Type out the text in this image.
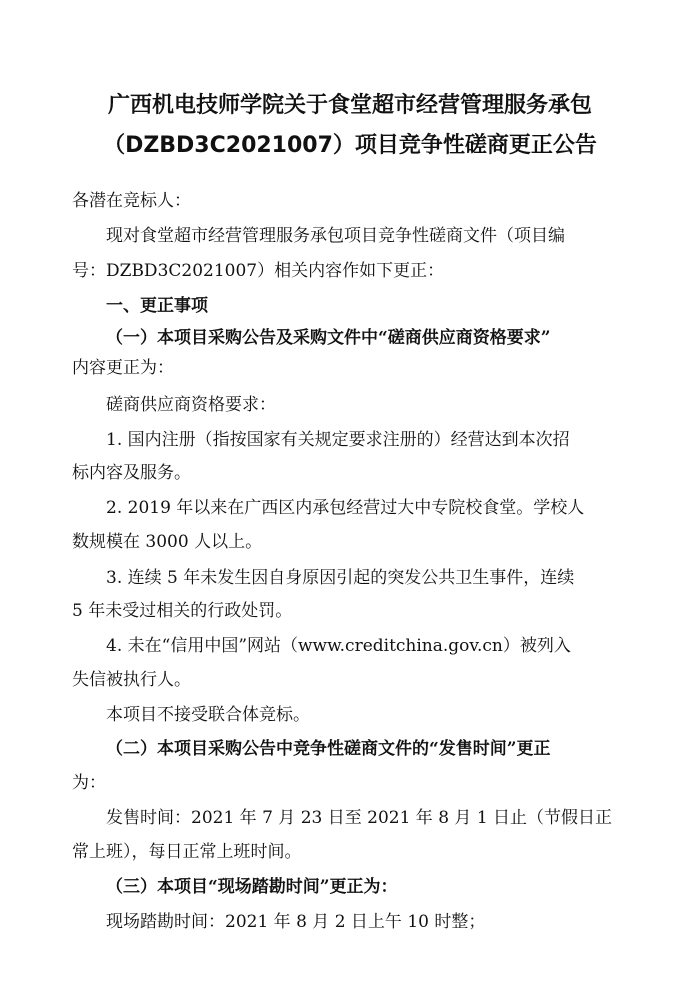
广西机电技师学院关于食堂超市经营管理服务承包
（DZBD3C2021007）项目竞争性磋商更正公告
各潜在竞标人：
现对食堂超市经营管理服务承包项目竞争性磋商文件（项目编
号：DZBD3C2021007）相关内容作如下更正：
一、更正事项
（一）本项目采购公告及采购文件中“磋商供应商资格要求”
内容更正为：
磋商供应商资格要求：
1. 国内注册（指按国家有关规定要求注册的）经营达到本次招
标内容及服务。
2. 2019 年以来在广西区内承包经营过大中专院校食堂。学校人
数规模在 3000 人以上。
3. 连续 5 年未发生因自身原因引起的突发公共卫生事件，连续
5 年未受过相关的行政处罚。
4. 未在“信用中国”网站（www.creditchina.gov.cn）被列入
失信被执行人。
本项目不接受联合体竞标。
（二）本项目采购公告中竞争性磋商文件的“发售时间”更正
为：
发售时间：2021 年 7 月 23 日至 2021 年 8 月 1 日止（节假日正
常上班），每日正常上班时间。
（三）本项目“现场踏勘时间”更正为：
现场踏勘时间：2021 年 8 月 2 日上午 10 时整；
